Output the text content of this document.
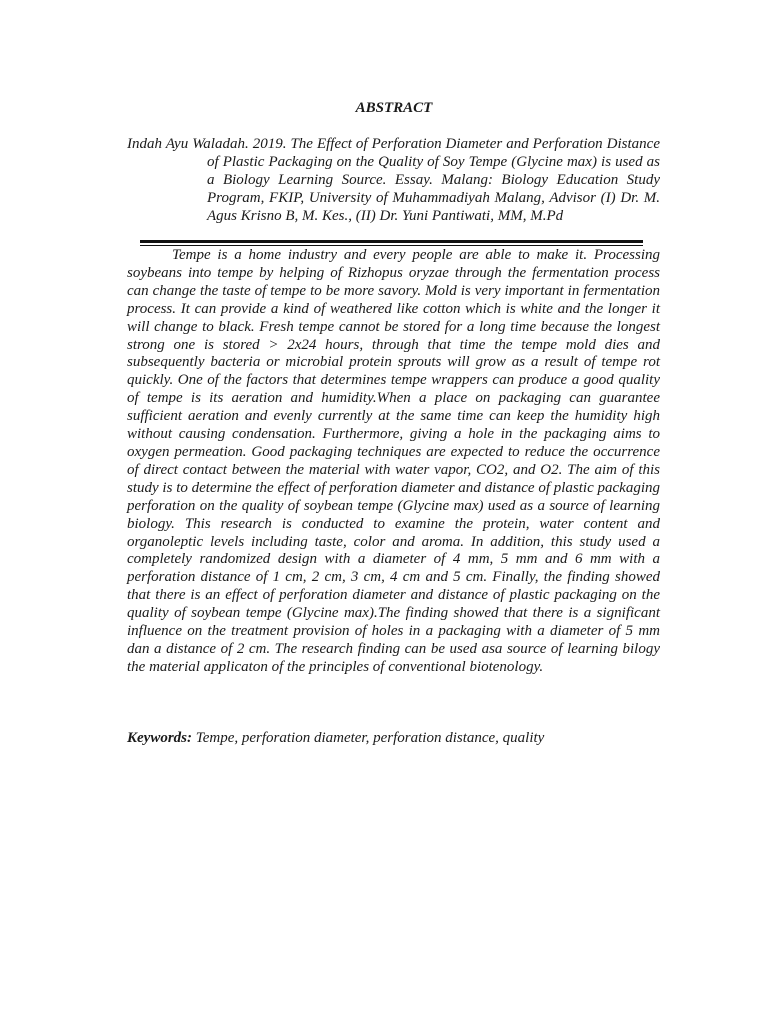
ABSTRACT
Indah Ayu Waladah. 2019. The Effect of Perforation Diameter and Perforation Distance of Plastic Packaging on the Quality of Soy Tempe (Glycine max) is used as a Biology Learning Source. Essay. Malang: Biology Education Study Program, FKIP, University of Muhammadiyah Malang, Advisor (I) Dr. M. Agus Krisno B, M. Kes., (II) Dr. Yuni Pantiwati, MM, M.Pd

Tempe is a home industry and every people are able to make it. Processing soybeans into tempe by helping of Rizhopus oryzae through the fermentation process can change the taste of tempe to be more savory. Mold is very important in fermentation process. It can provide a kind of weathered like cotton which is white and the longer it will change to black. Fresh tempe cannot be stored for a long time because the longest strong one is stored > 2x24 hours, through that time the tempe mold dies and subsequently bacteria or microbial protein sprouts will grow as a result of tempe rot quickly. One of the factors that determines tempe wrappers can produce a good quality of tempe is its aeration and humidity.When a place on packaging can guarantee sufficient aeration and evenly currently at the same time can keep the humidity high without causing condensation. Furthermore, giving a hole in the packaging aims to oxygen permeation. Good packaging techniques are expected to reduce the occurrence of direct contact between the material with water vapor, CO2, and O2. The aim of this study is to determine the effect of perforation diameter and distance of plastic packaging perforation on the quality of soybean tempe (Glycine max) used as a source of learning biology. This research is conducted to examine the protein, water content and organoleptic levels including taste, color and aroma. In addition, this study used a completely randomized design with a diameter of 4 mm, 5 mm and 6 mm with a perforation distance of 1 cm, 2 cm, 3 cm, 4 cm and 5 cm. Finally, the finding showed that there is an effect of perforation diameter and distance of plastic packaging on the quality of soybean tempe (Glycine max).The finding showed that there is a significant influence on the treatment provision of holes in a packaging with a diameter of 5 mm dan a distance of 2 cm. The research finding can be used asa source of learning bilogy the material applicaton of the principles of conventional biotenology.

Keywords: Tempe, perforation diameter, perforation distance, quality
